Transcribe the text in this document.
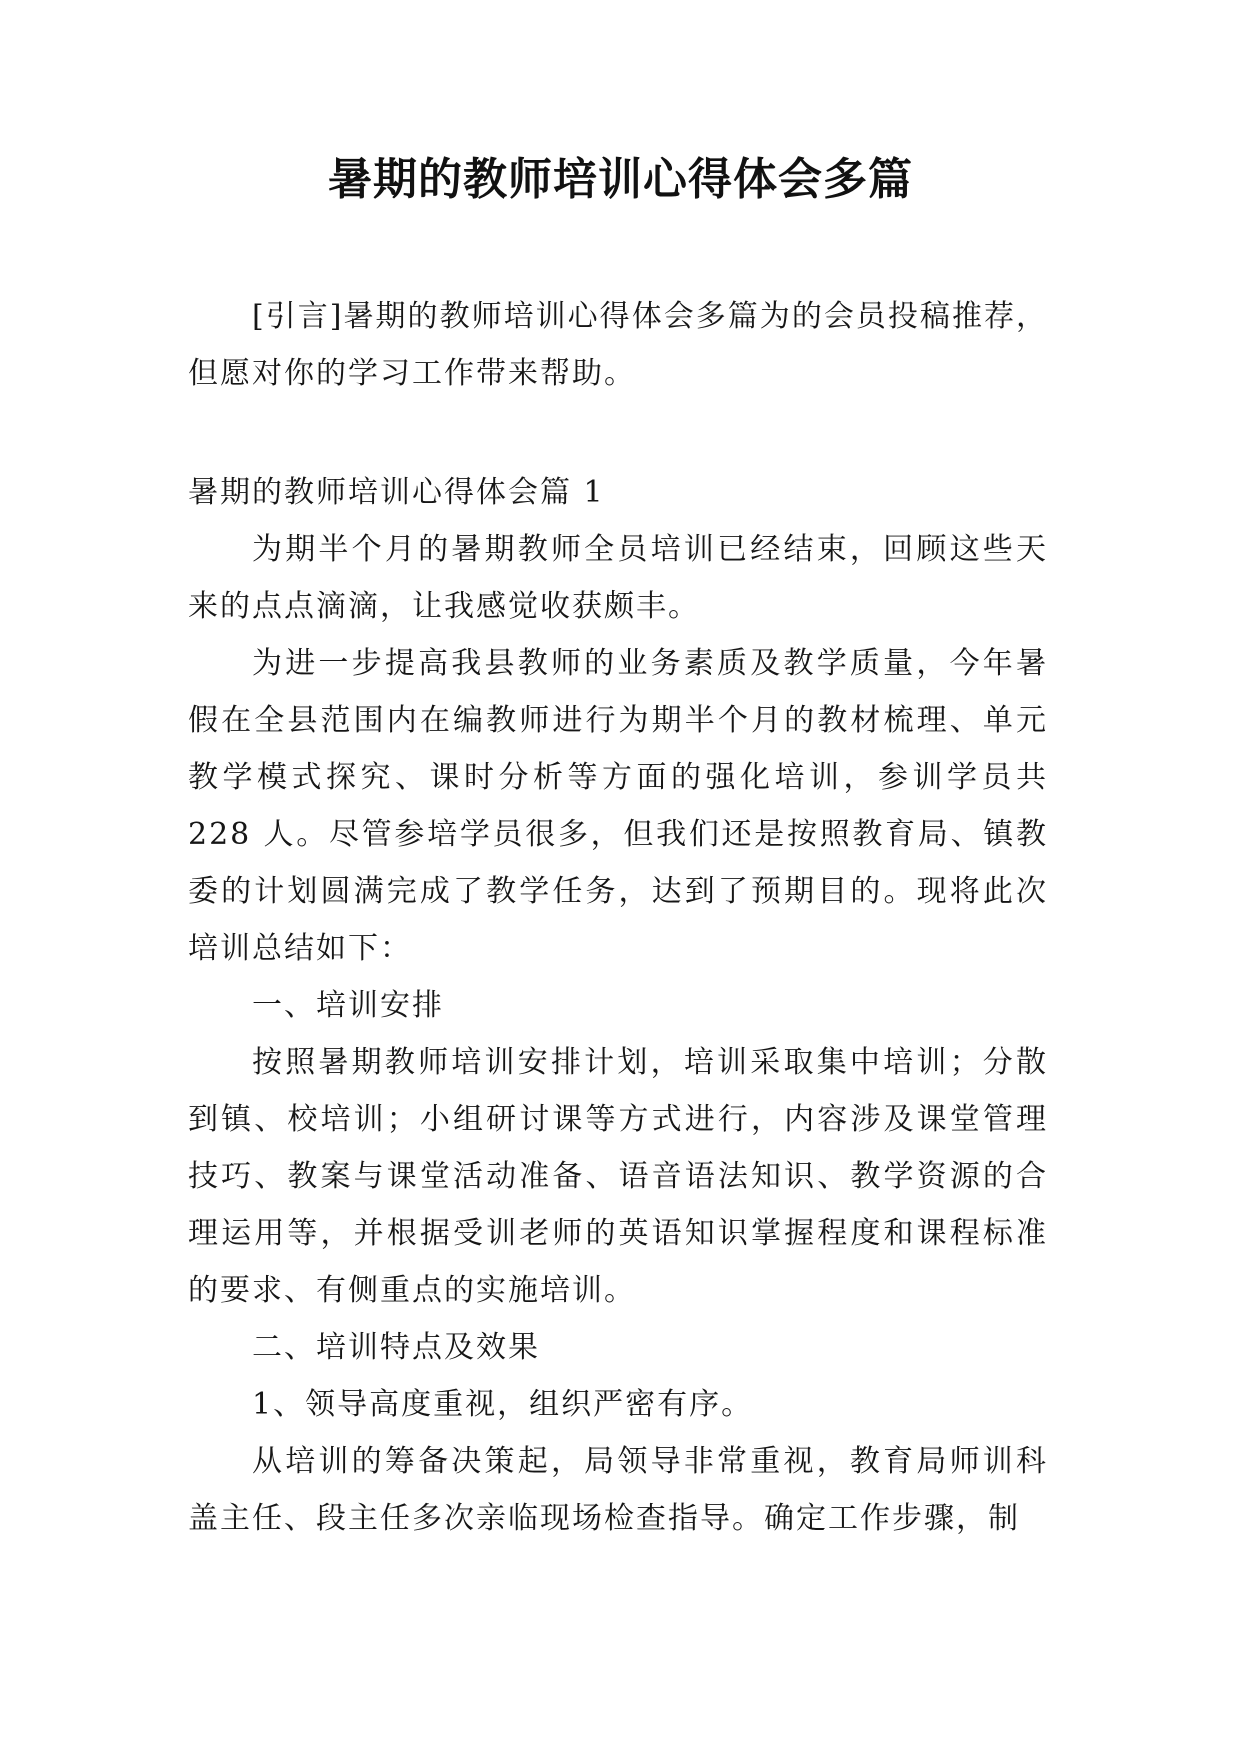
暑期的教师培训心得体会多篇

[引言]暑期的教师培训心得体会多篇为的会员投稿推荐，但愿对你的学习工作带来帮助。

暑期的教师培训心得体会篇 1

为期半个月的暑期教师全员培训已经结束，回顾这些天来的点点滴滴，让我感觉收获颇丰。

为进一步提高我县教师的业务素质及教学质量，今年暑假在全县范围内在编教师进行为期半个月的教材梳理、单元教学模式探究、课时分析等方面的强化培训，参训学员共 228 人。尽管参培学员很多，但我们还是按照教育局、镇教委的计划圆满完成了教学任务，达到了预期目的。现将此次培训总结如下：

一、培训安排

按照暑期教师培训安排计划，培训采取集中培训；分散到镇、校培训；小组研讨课等方式进行，内容涉及课堂管理技巧、教案与课堂活动准备、语音语法知识、教学资源的合理运用等，并根据受训老师的英语知识掌握程度和课程标准的要求、有侧重点的实施培训。

二、培训特点及效果

1、领导高度重视，组织严密有序。

从培训的筹备决策起，局领导非常重视，教育局师训科盖主任、段主任多次亲临现场检查指导。确定工作步骤，制
